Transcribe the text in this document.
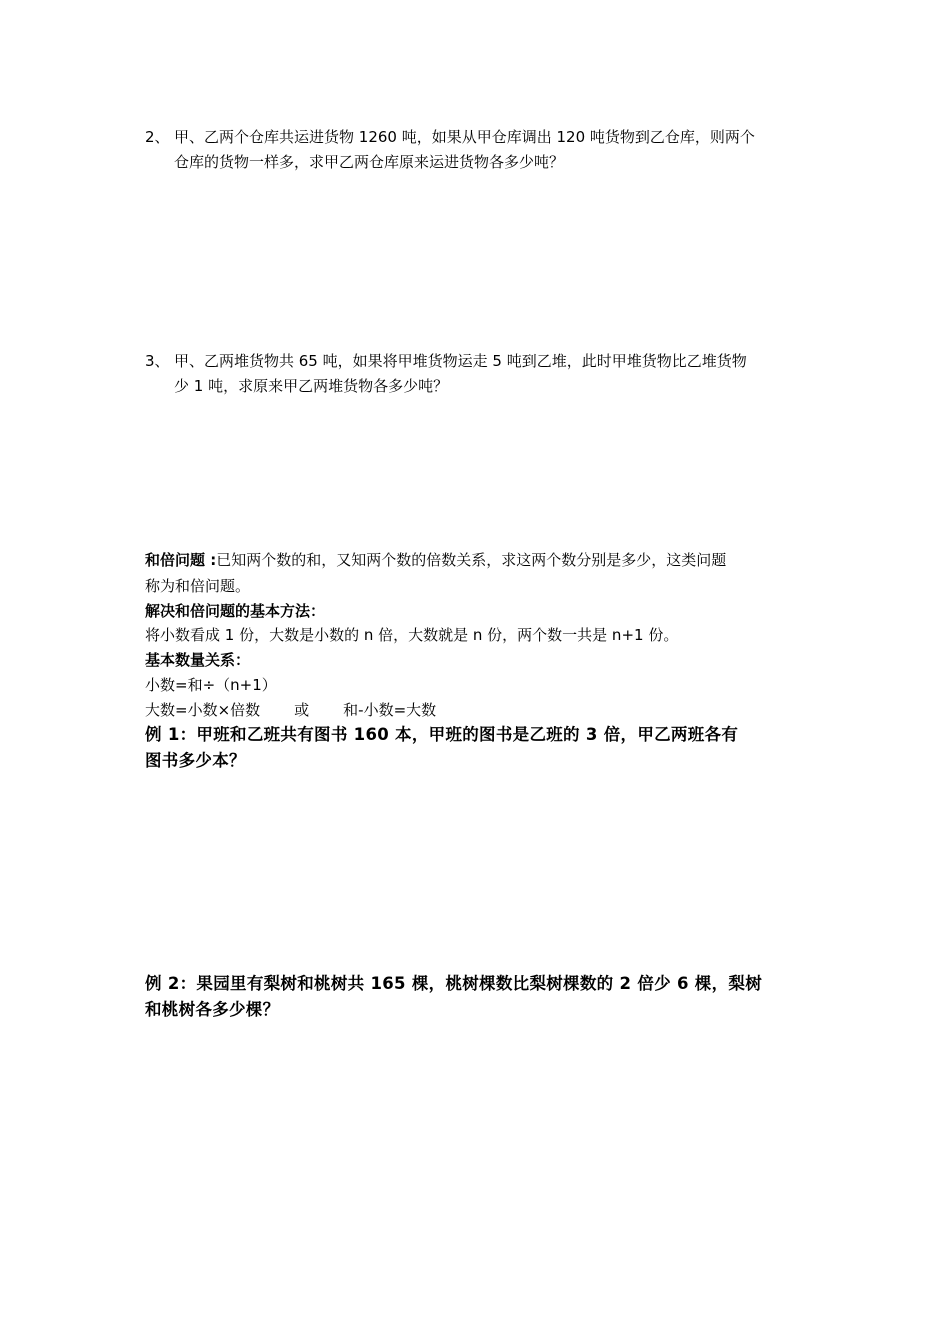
2、 甲、乙两个仓库共运进货物 1260 吨，如果从甲仓库调出 120 吨货物到乙仓库，则两个
仓库的货物一样多，求甲乙两仓库原来运进货物各多少吨？
3、 甲、乙两堆货物共 65 吨，如果将甲堆货物运走 5 吨到乙堆，此时甲堆货物比乙堆货物
少 1 吨，求原来甲乙两堆货物各多少吨？
和倍问题 :已知两个数的和，又知两个数的倍数关系，求这两个数分别是多少，这类问题
称为和倍问题。
解决和倍问题的基本方法：
将小数看成 1 份，大数是小数的 n 倍，大数就是 n 份，两个数一共是 n+1 份。
基本数量关系：
小数=和÷（n+1）
大数=小数×倍数 或 和-小数=大数
例 1：甲班和乙班共有图书 160 本，甲班的图书是乙班的 3 倍，甲乙两班各有
图书多少本？
例 2：果园里有梨树和桃树共 165 棵，桃树棵数比梨树棵数的 2 倍少 6 棵，梨树
和桃树各多少棵？
